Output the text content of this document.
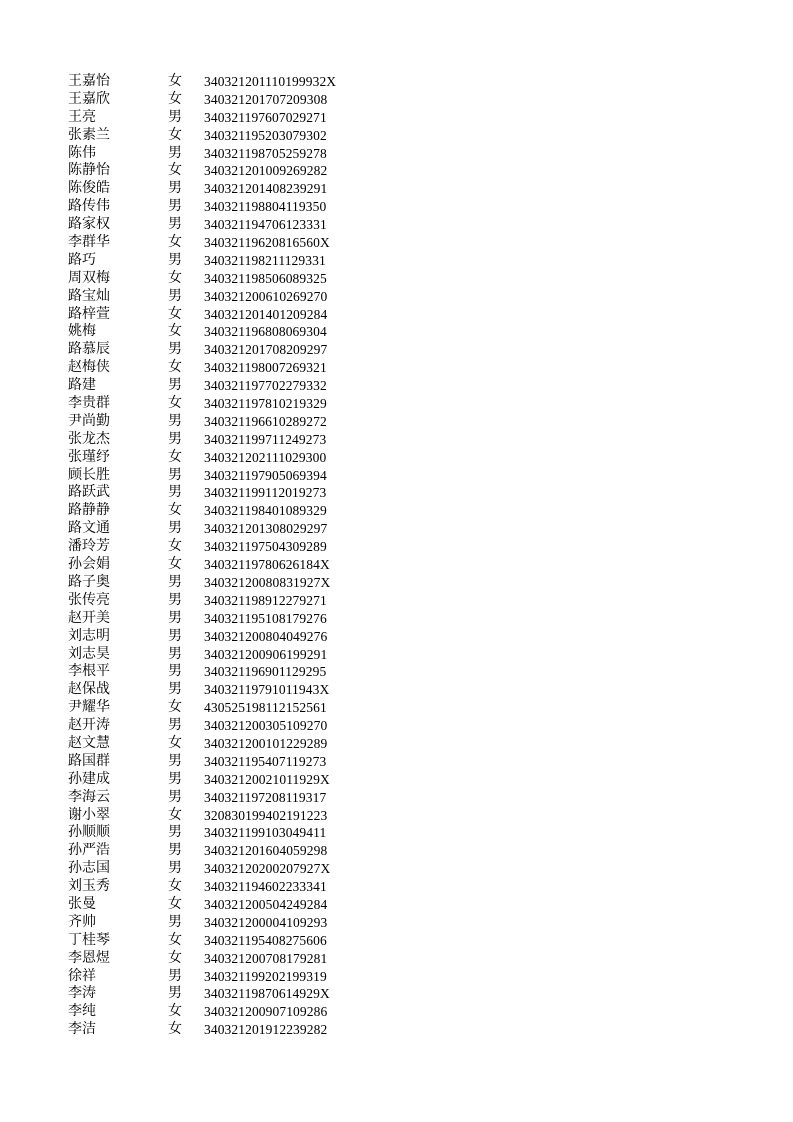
王嘉怡	女	340321201110199932X
王嘉欣	女	340321201707209308
王亮	男	340321197607029271
张素兰	女	340321195203079302
陈伟	男	340321198705259278
陈静怡	女	340321201009269282
陈俊皓	男	340321201408239291
路传伟	男	340321198804119350
路家权	男	340321194706123331
李群华	女	34032119620816560X
路巧	男	340321198211129331
周双梅	女	340321198506089325
路宝灿	男	340321200610269270
路梓萱	女	340321201401209284
姚梅	女	340321196808069304
路慕辰	男	340321201708209297
赵梅侠	女	340321198007269321
路建	男	340321197702279332
李贵群	女	340321197810219329
尹尚勤	男	340321196610289272
张龙杰	男	340321199711249273
张瑾纾	女	340321202111029300
顾长胜	男	340321197905069394
路跃武	男	340321199112019273
路静静	女	340321198401089329
路文通	男	340321201308029297
潘玲芳	女	340321197504309289
孙会娟	女	34032119780626184X
路子奥	男	34032120080831927X
张传亮	男	340321198912279271
赵开美	男	340321195108179276
刘志明	男	340321200804049276
刘志昊	男	340321200906199291
李根平	男	340321196901129295
赵保战	男	34032119791011943X
尹耀华	女	430525198112152561
赵开涛	男	340321200305109270
赵文慧	女	340321200101229289
路国群	男	340321195407119273
孙建成	男	34032120021011929X
李海云	男	340321197208119317
谢小翠	女	320830199402191223
孙顺顺	男	340321199103049411
孙严浩	男	340321201604059298
孙志国	男	34032120200207927X
刘玉秀	女	340321194602233341
张曼	女	340321200504249284
齐帅	男	340321200004109293
丁桂琴	女	340321195408275606
李恩煜	女	340321200708179281
徐祥	男	340321199202199319
李涛	男	34032119870614929X
李纯	女	340321200907109286
李洁	女	340321201912239282
